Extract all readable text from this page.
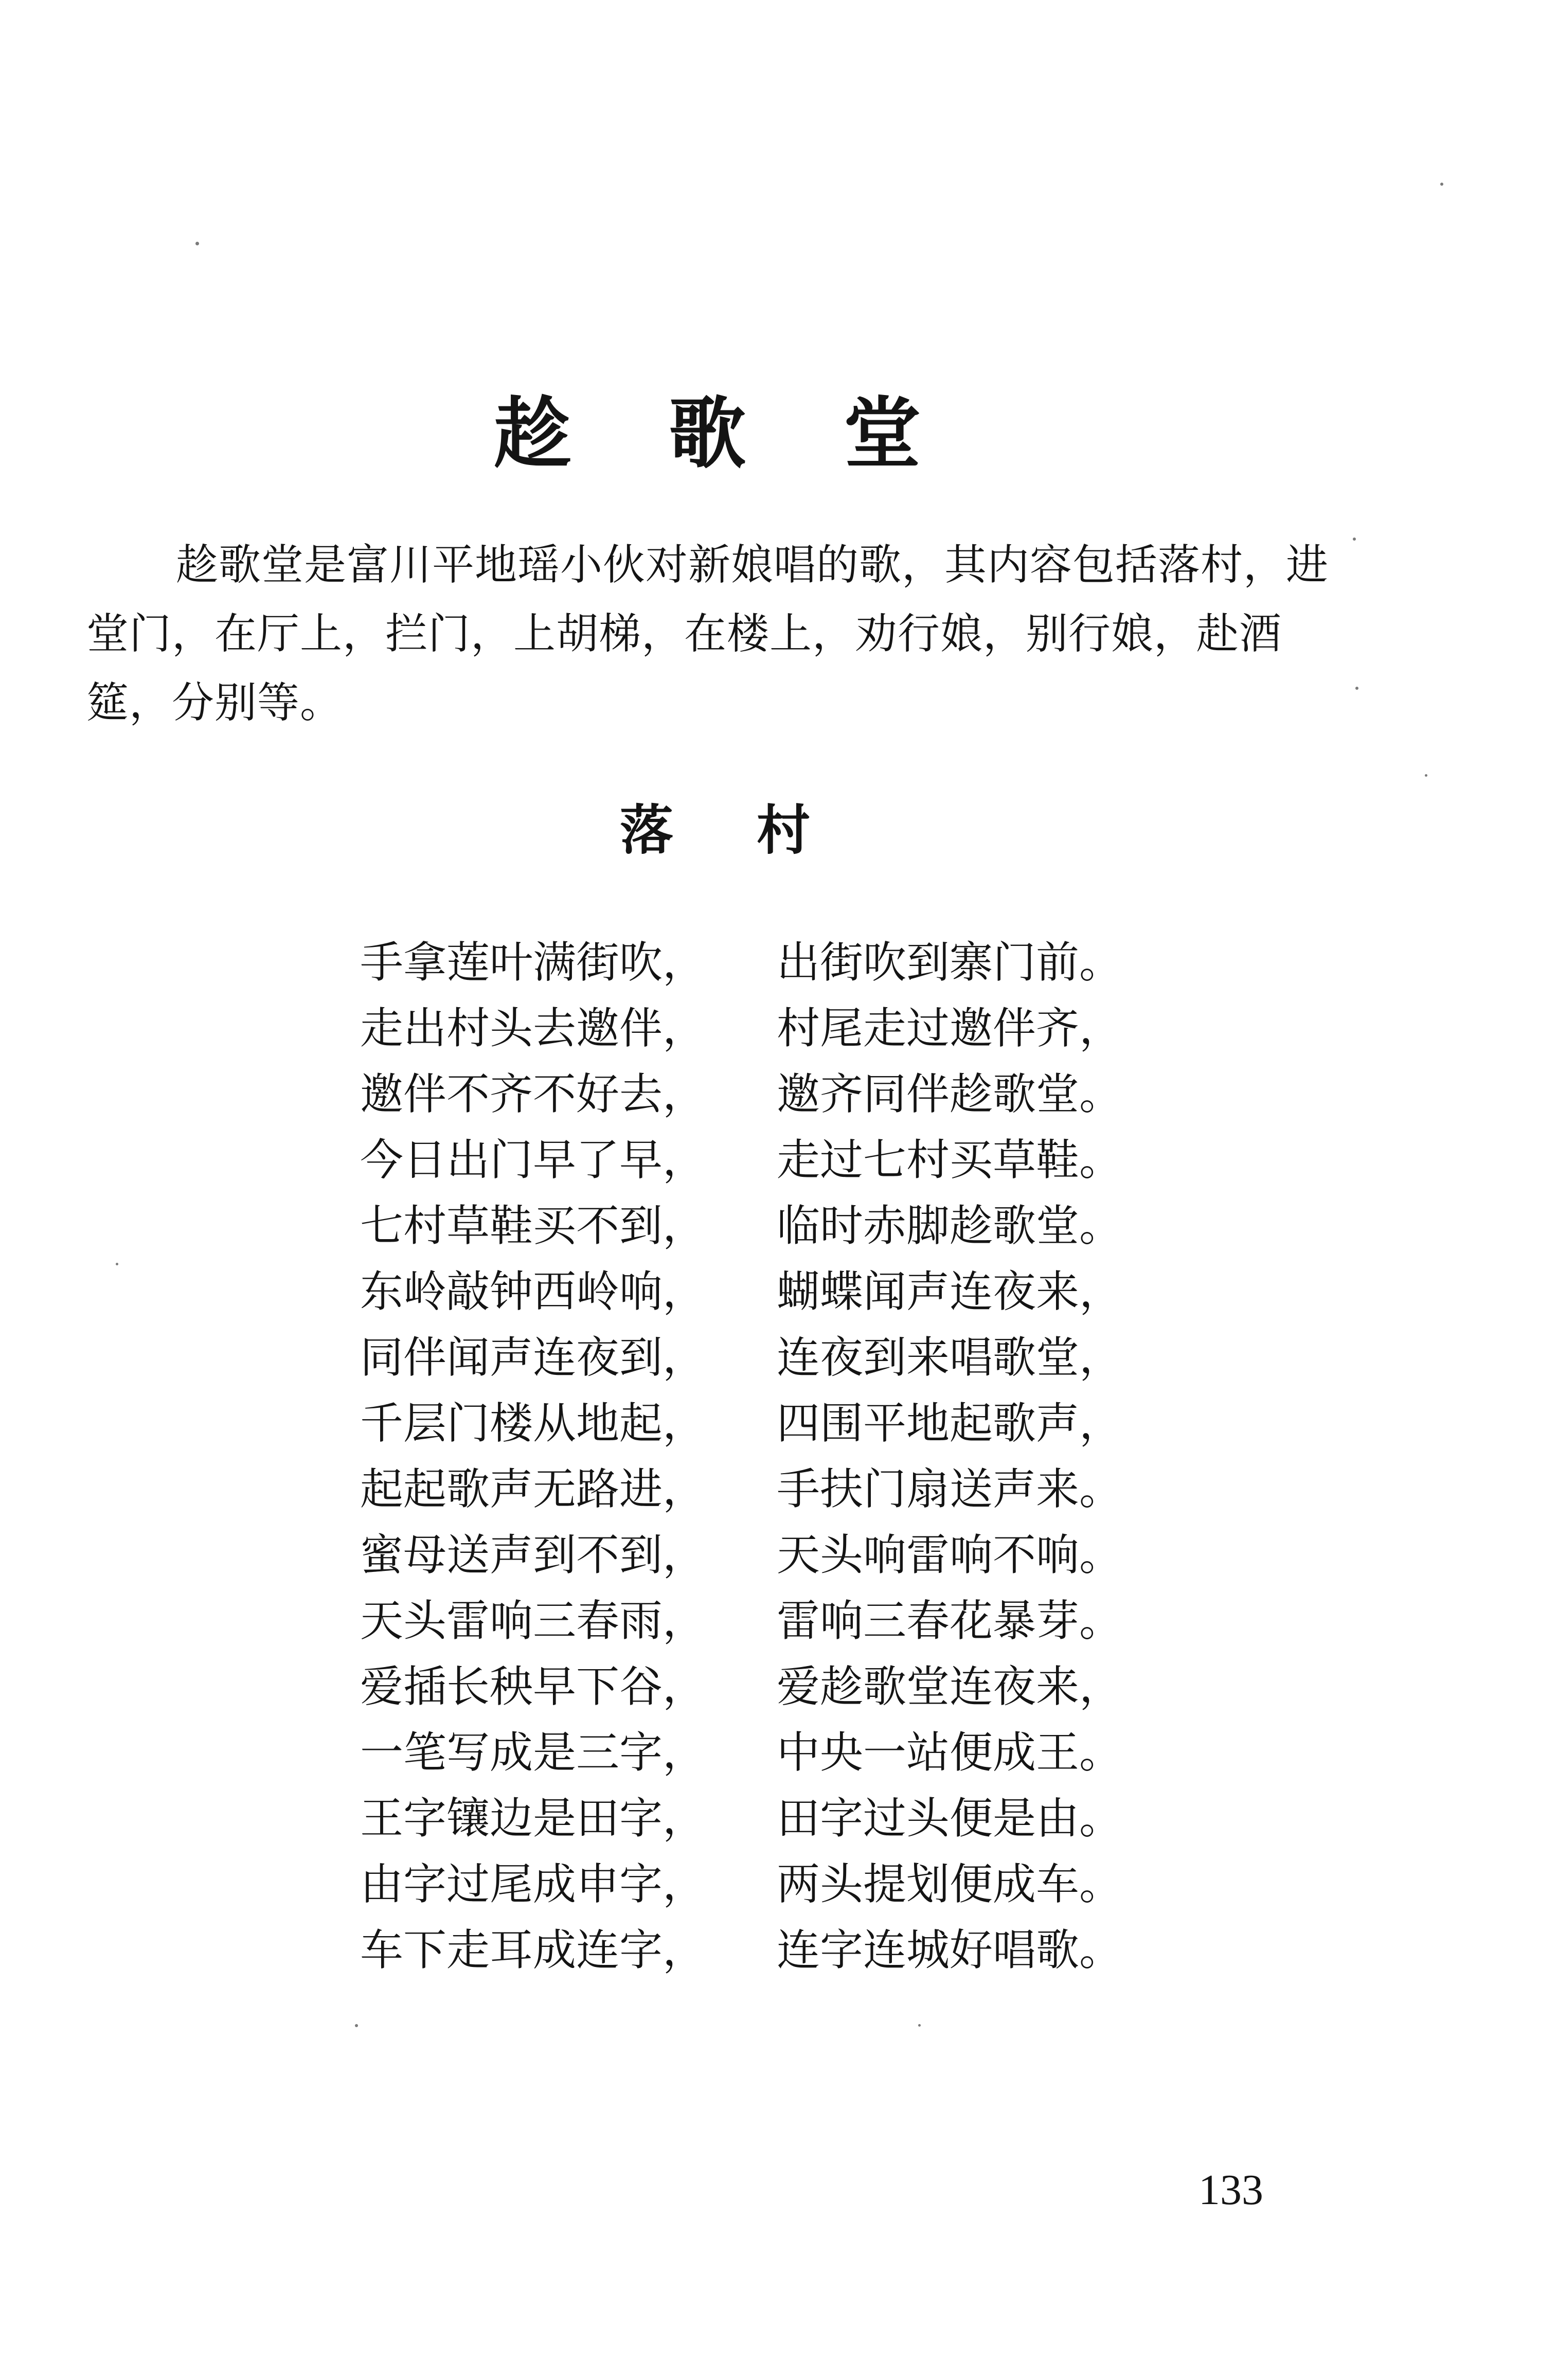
趁 歌 堂

趁歌堂是富川平地瑶小伙对新娘唱的歌，其内容包括落村，进堂门，在厅上，拦门，上胡梯，在楼上，劝行娘，别行娘，赴酒筵，分别等。

落 村
手拿莲叶满街吹，	出街吹到寨门前。
走出村头去邀伴，	村尾走过邀伴齐，
邀伴不齐不好去，	邀齐同伴趁歌堂。
今日出门早了早，	走过七村买草鞋。
七村草鞋买不到，	临时赤脚趁歌堂。
东岭敲钟西岭响，	蝴蝶闻声连夜来，
同伴闻声连夜到，	连夜到来唱歌堂，
千层门楼从地起，	四围平地起歌声，
起起歌声无路进，	手扶门扇送声来。
蜜母送声到不到，	天头响雷响不响。
天头雷响三春雨，	雷响三春花暴芽。
爱插长秧早下谷，	爱趁歌堂连夜来，
一笔写成是三字，	中央一站便成王。
王字镶边是田字，	田字过头便是由。
由字过尾成申字，	两头提划便成车。
车下走耳成连字，	连字连城好唱歌。
133
